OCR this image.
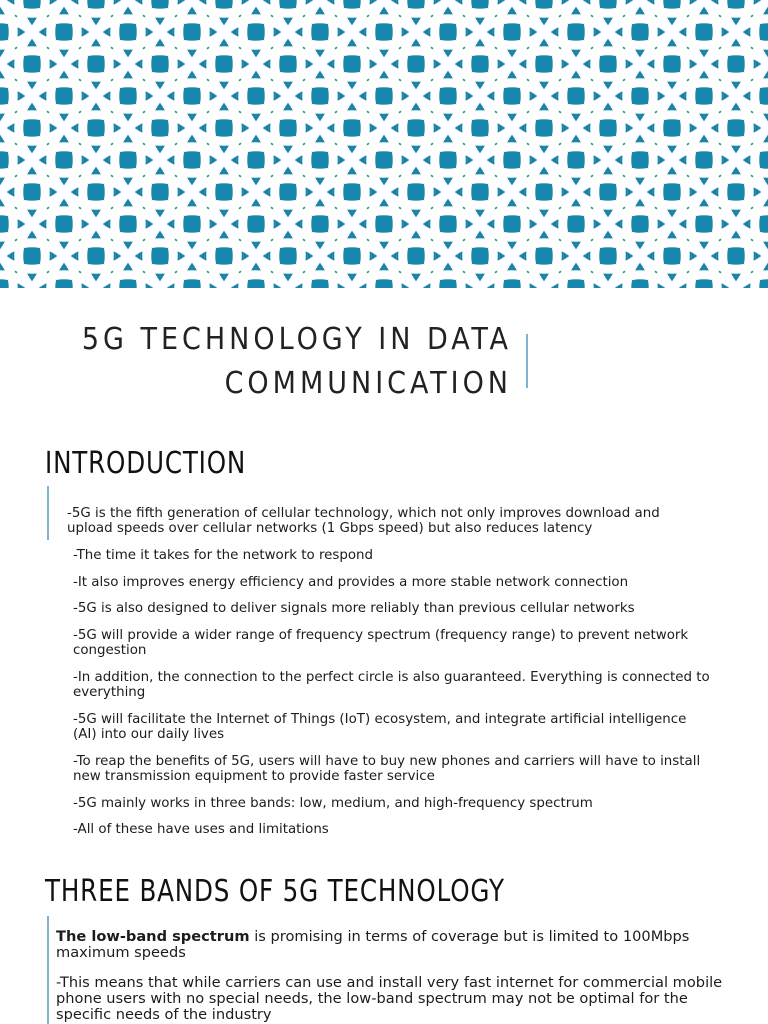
5G TECHNOLOGY IN DATA
COMMUNICATION
INTRODUCTION
-5G is the fifth generation of cellular technology, which not only improves download and upload speeds over cellular networks (1 Gbps speed) but also reduces latency
-The time it takes for the network to respond
-It also improves energy efficiency and provides a more stable network connection
-5G is also designed to deliver signals more reliably than previous cellular networks
-5G will provide a wider range of frequency spectrum (frequency range) to prevent network congestion
-In addition, the connection to the perfect circle is also guaranteed. Everything is connected to everything
-5G will facilitate the Internet of Things (IoT) ecosystem, and integrate artificial intelligence (AI) into our daily lives
-To reap the benefits of 5G, users will have to buy new phones and carriers will have to install new transmission equipment to provide faster service
-5G mainly works in three bands: low, medium, and high-frequency spectrum
-All of these have uses and limitations
THREE BANDS OF 5G TECHNOLOGY
The low-band spectrum is promising in terms of coverage but is limited to 100Mbps maximum speeds
-This means that while carriers can use and install very fast internet for commercial mobile phone users with no special needs, the low-band spectrum may not be optimal for the specific needs of the industry
